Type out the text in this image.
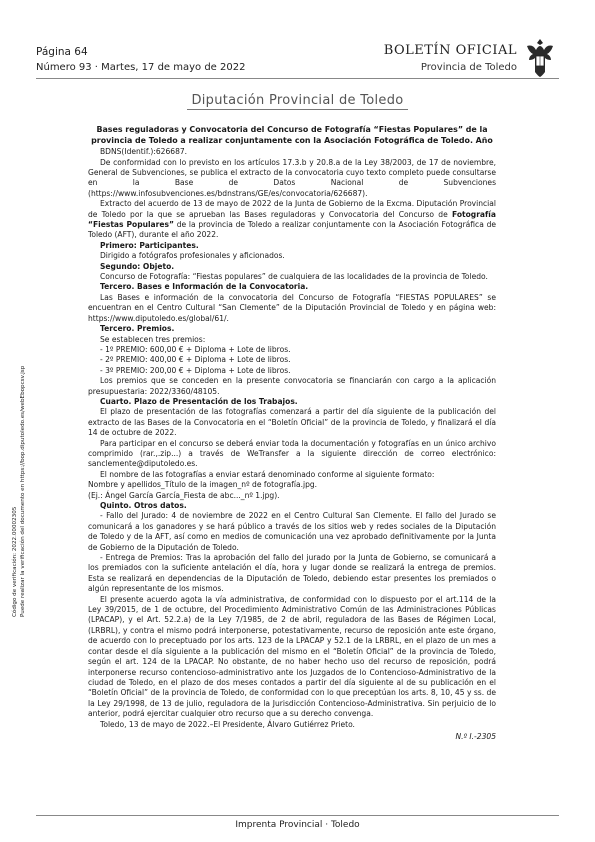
Página 64
Número 93 · Martes, 17 de mayo de 2022
BOLETÍN OFICIAL
Provincia de Toledo
Diputación Provincial de Toledo

Bases reguladoras y Convocatoria del Concurso de Fotografía “Fiestas Populares” de la provincia de Toledo a realizar conjuntamente con la Asociación Fotográfica de Toledo. Año

BDNS(Identif.):626687.

De conformidad con lo previsto en los artículos 17.3.b y 20.8.a de la Ley 38/2003, de 17 de noviembre, General de Subvenciones, se publica el extracto de la convocatoria cuyo texto completo puede consultarse en la Base de Datos Nacional de Subvenciones (https://www.infosubvenciones.es/bdnstrans/GE/es/convocatoria/626687).

Extracto del acuerdo de 13 de mayo de 2022 de la Junta de Gobierno de la Excma. Diputación Provincial de Toledo por la que se aprueban las Bases reguladoras y Convocatoria del Concurso de Fotografía “Fiestas Populares” de la provincia de Toledo a realizar conjuntamente con la Asociación Fotográfica de Toledo (AFT), durante el año 2022.

Primero: Participantes.

Dirigido a fotógrafos profesionales y aficionados.

Segundo: Objeto.

Concurso de Fotografía: “Fiestas populares” de cualquiera de las localidades de la provincia de Toledo.

Tercero. Bases e Información de la Convocatoria.

Las Bases e información de la convocatoria del Concurso de Fotografía “FIESTAS POPULARES” se encuentran en el Centro Cultural “San Clemente” de la Diputación Provincial de Toledo y en página web: https://www.diputoledo.es/global/61/.

Tercero. Premios.

Se establecen tres premios:

- 1º PREMIO: 600,00 € + Diploma + Lote de libros.

- 2º PREMIO: 400,00 € + Diploma + Lote de libros.

- 3º PREMIO: 200,00 € + Diploma + Lote de libros.

Los premios que se conceden en la presente convocatoria se financiarán con cargo a la aplicación presupuestaria: 2022/3360/48105.

Cuarto. Plazo de Presentación de los Trabajos.

El plazo de presentación de las fotografías comenzará a partir del día siguiente de la publicación del extracto de las Bases de la Convocatoria en el “Boletín Oficial” de la provincia de Toledo, y finalizará el día 14 de octubre de 2022.

Para participar en el concurso se deberá enviar toda la documentación y fotografías en un único archivo comprimido (rar.,.zip...) a través de WeTransfer a la siguiente dirección de correo electrónico: sanclemente@diputoledo.es.

El nombre de las fotografías a enviar estará denominado conforme al siguiente formato:

Nombre y apellidos_Título de la imagen_nº de fotografía.jpg.

(Ej.: Ángel García García_Fiesta de abc..._nº 1.jpg).

Quinto. Otros datos.

- Fallo del Jurado: 4 de noviembre de 2022 en el Centro Cultural San Clemente. El fallo del Jurado se comunicará a los ganadores y se hará público a través de los sitios web y redes sociales de la Diputación de Toledo y de la AFT, así como en medios de comunicación una vez aprobado definitivamente por la Junta de Gobierno de la Diputación de Toledo.

- Entrega de Premios: Tras la aprobación del fallo del jurado por la Junta de Gobierno, se comunicará a los premiados con la suficiente antelación el día, hora y lugar donde se realizará la entrega de premios. Esta se realizará en dependencias de la Diputación de Toledo, debiendo estar presentes los premiados o algún representante de los mismos.

El presente acuerdo agota la vía administrativa, de conformidad con lo dispuesto por el art.114 de la Ley 39/2015, de 1 de octubre, del Procedimiento Administrativo Común de las Administraciones Públicas (LPACAP), y el Art. 52.2.a) de la Ley 7/1985, de 2 de abril, reguladora de las Bases de Régimen Local, (LRBRL), y contra el mismo podrá interponerse, potestativamente, recurso de reposición ante este órgano, de acuerdo con lo preceptuado por los arts. 123 de la LPACAP y 52.1 de la LRBRL, en el plazo de un mes a contar desde el día siguiente a la publicación del mismo en el “Boletín Oficial” de la provincia de Toledo, según el art. 124 de la LPACAP. No obstante, de no haber hecho uso del recurso de reposición, podrá interponerse recurso contencioso-administrativo ante los Juzgados de lo Contencioso-Administrativo de la ciudad de Toledo, en el plazo de dos meses contados a partir del día siguiente al de su publicación en el “Boletín Oficial” de la provincia de Toledo, de conformidad con lo que preceptúan los arts. 8, 10, 45 y ss. de la Ley 29/1998, de 13 de julio, reguladora de la Jurisdicción Contencioso-Administrativa. Sin perjuicio de lo anterior, podrá ejercitar cualquier otro recurso que a su derecho convenga.

Toledo, 13 de mayo de 2022.–El Presidente, Álvaro Gutiérrez Prieto.

N.º I.-2305

Código de verificación: 2022.00002305 Puede realizar la verificación del documento en https://bop.diputoledo.es/webEbopcsv.jsp
Imprenta Provincial · Toledo
